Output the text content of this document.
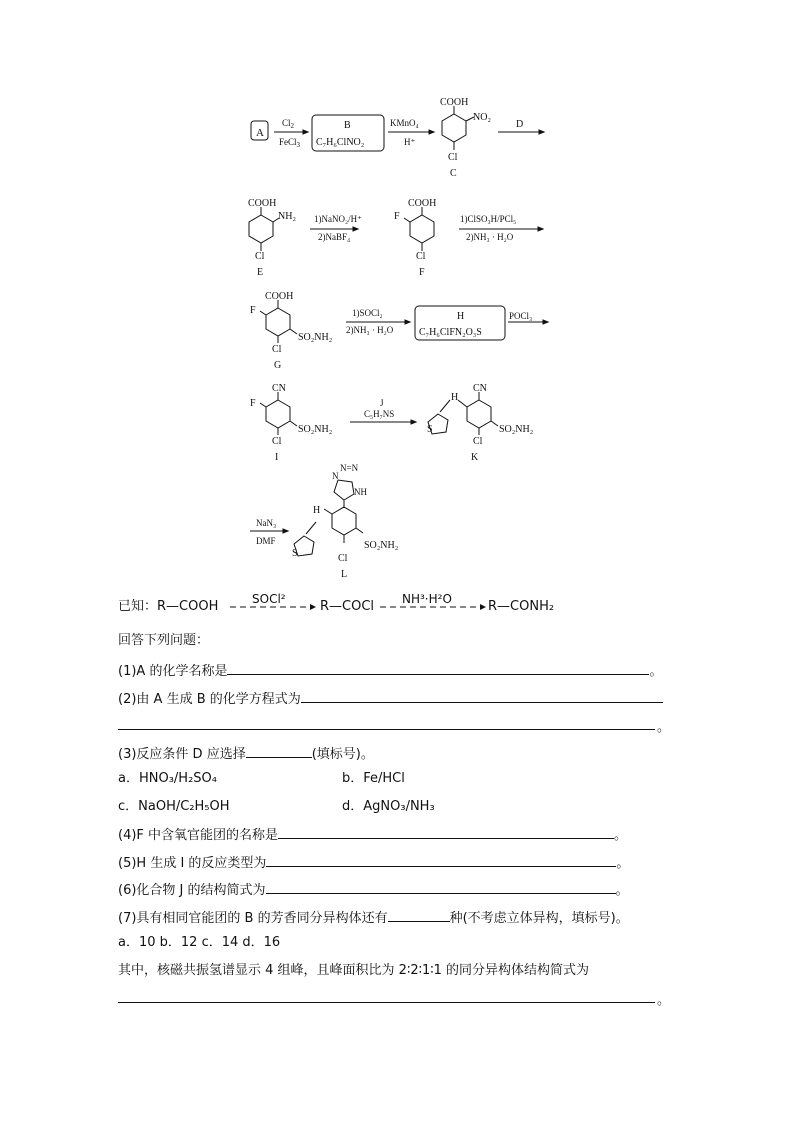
A
$Cl_2$
FeCl$_3$
B
C₇H₆ClNO₂
KMnO₄
H⁺
COOH
NO₂
Cl
C
D
COOH
NH₂
Cl
E
1)NaNO₂/H⁺
2)NaBF₄
COOH
F
Cl
F
1)ClSO₃H/PCl₅
2)NH₃ · H₂O
COOH
F
SO₂NH₂
Cl
G
1)SOCl₂
2)NH₃ · H₂O
H
C₇H₆ClFN₂O₃S
POCl₃
CN
F
SO₂NH₂
Cl
I
J
C₅H₇NS
CN
H
SO₂NH₂
Cl
S
K
N
N=N
NH
NaN₃
DMF
H
SO₂NH₂
Cl
S
L
已知：R—COOH	SOCl²	R—COCl NH³·H²O	R—CONH₂
回答下列问题：
(1)A 的化学名称是	。
(2)由 A 生成 B 的化学方程式为
。
(3)反应条件 D 应选择	(填标号)。
a．HNO₃/H₂SO₄	b．Fe/HCl
c．NaOH/C₂H₅OH	d．AgNO₃/NH₃
(4)F 中含氧官能团的名称是	。
(5)H 生成 I 的反应类型为	。
(6)化合物 J 的结构简式为	。
(7)具有相同官能团的 B 的芳香同分异构体还有	种(不考虑立体异构，填标号)。
a．10 b．12 c．14 d．16
其中，核磁共振氢谱显示 4 组峰，且峰面积比为 2∶2∶1∶1 的同分异构体结构简式为
。
